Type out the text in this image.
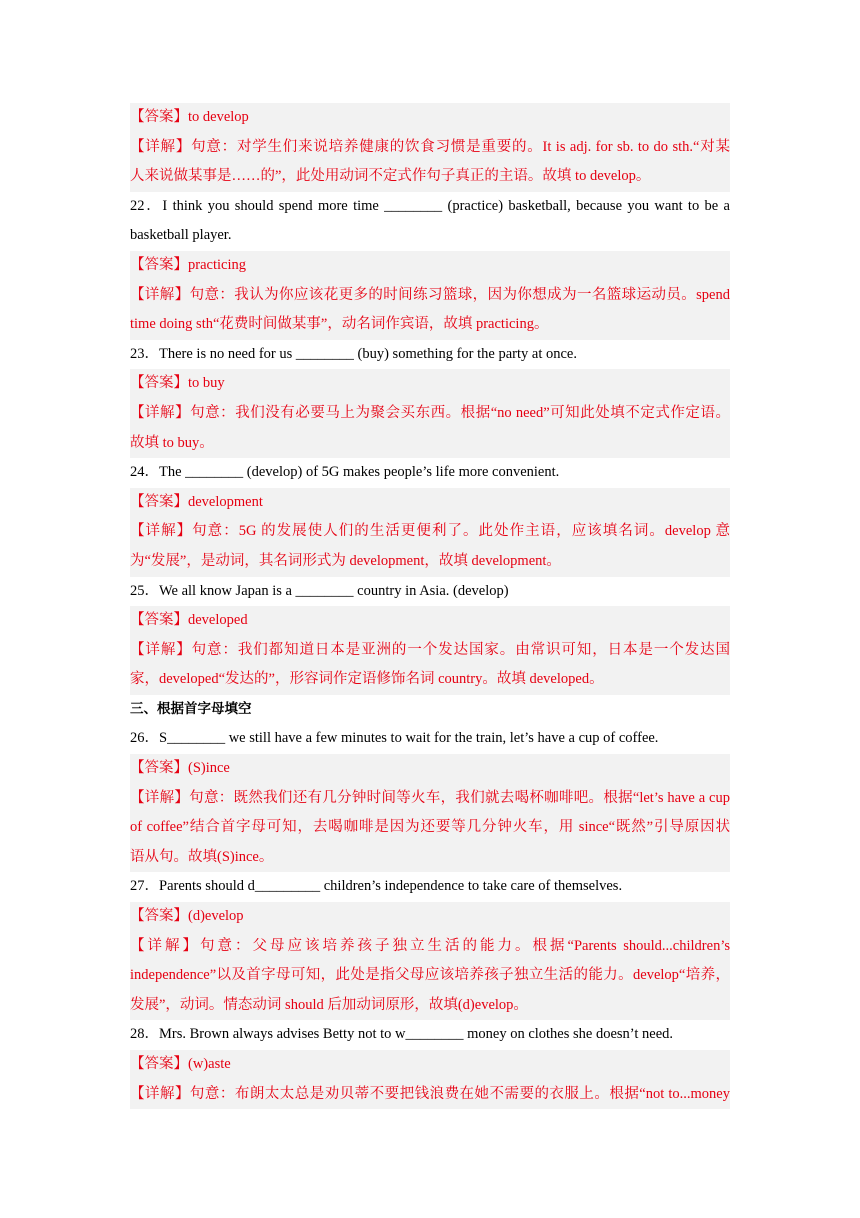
【答案】to develop
【详解】句意：对学生们来说培养健康的饮食习惯是重要的。It is adj. for sb. to do sth.“对某
人来说做某事是……的”，此处用动词不定式作句子真正的主语。故填 to develop。
22．I think you should spend more time ________ (practice) basketball, because you want to be a
basketball player.
【答案】practicing
【详解】句意：我认为你应该花更多的时间练习篮球，因为你想成为一名篮球运动员。spend
time doing sth“花费时间做某事”，动名词作宾语，故填 practicing。
23．There is no need for us ________ (buy) something for the party at once.
【答案】to buy
【详解】句意：我们没有必要马上为聚会买东西。根据“no need”可知此处填不定式作定语。
故填 to buy。
24．The ________ (develop) of 5G makes people’s life more convenient.
【答案】development
【详解】句意：5G 的发展使人们的生活更便利了。此处作主语，应该填名词。develop 意
为“发展”，是动词，其名词形式为 development，故填 development。
25．We all know Japan is a ________ country in Asia. (develop)
【答案】developed
【详解】句意：我们都知道日本是亚洲的一个发达国家。由常识可知，日本是一个发达国
家，developed“发达的”，形容词作定语修饰名词 country。故填 developed。
三、根据首字母填空
26．S________ we still have a few minutes to wait for the train, let’s have a cup of coffee.
【答案】(S)ince
【详解】句意：既然我们还有几分钟时间等火车，我们就去喝杯咖啡吧。根据“let’s have a cup
of coffee”结合首字母可知，去喝咖啡是因为还要等几分钟火车，用 since“既然”引导原因状
语从句。故填(S)ince。
27．Parents should d_________ children’s independence to take care of themselves.
【答案】(d)evelop
【详解】句意：父母应该培养孩子独立生活的能力。根据“Parents should...children’s
independence”以及首字母可知，此处是指父母应该培养孩子独立生活的能力。develop“培养，
发展”，动词。情态动词 should 后加动词原形，故填(d)evelop。
28．Mrs. Brown always advises Betty not to w________ money on clothes she doesn’t need.
【答案】(w)aste
【详解】句意：布朗太太总是劝贝蒂不要把钱浪费在她不需要的衣服上。根据“not to...money
